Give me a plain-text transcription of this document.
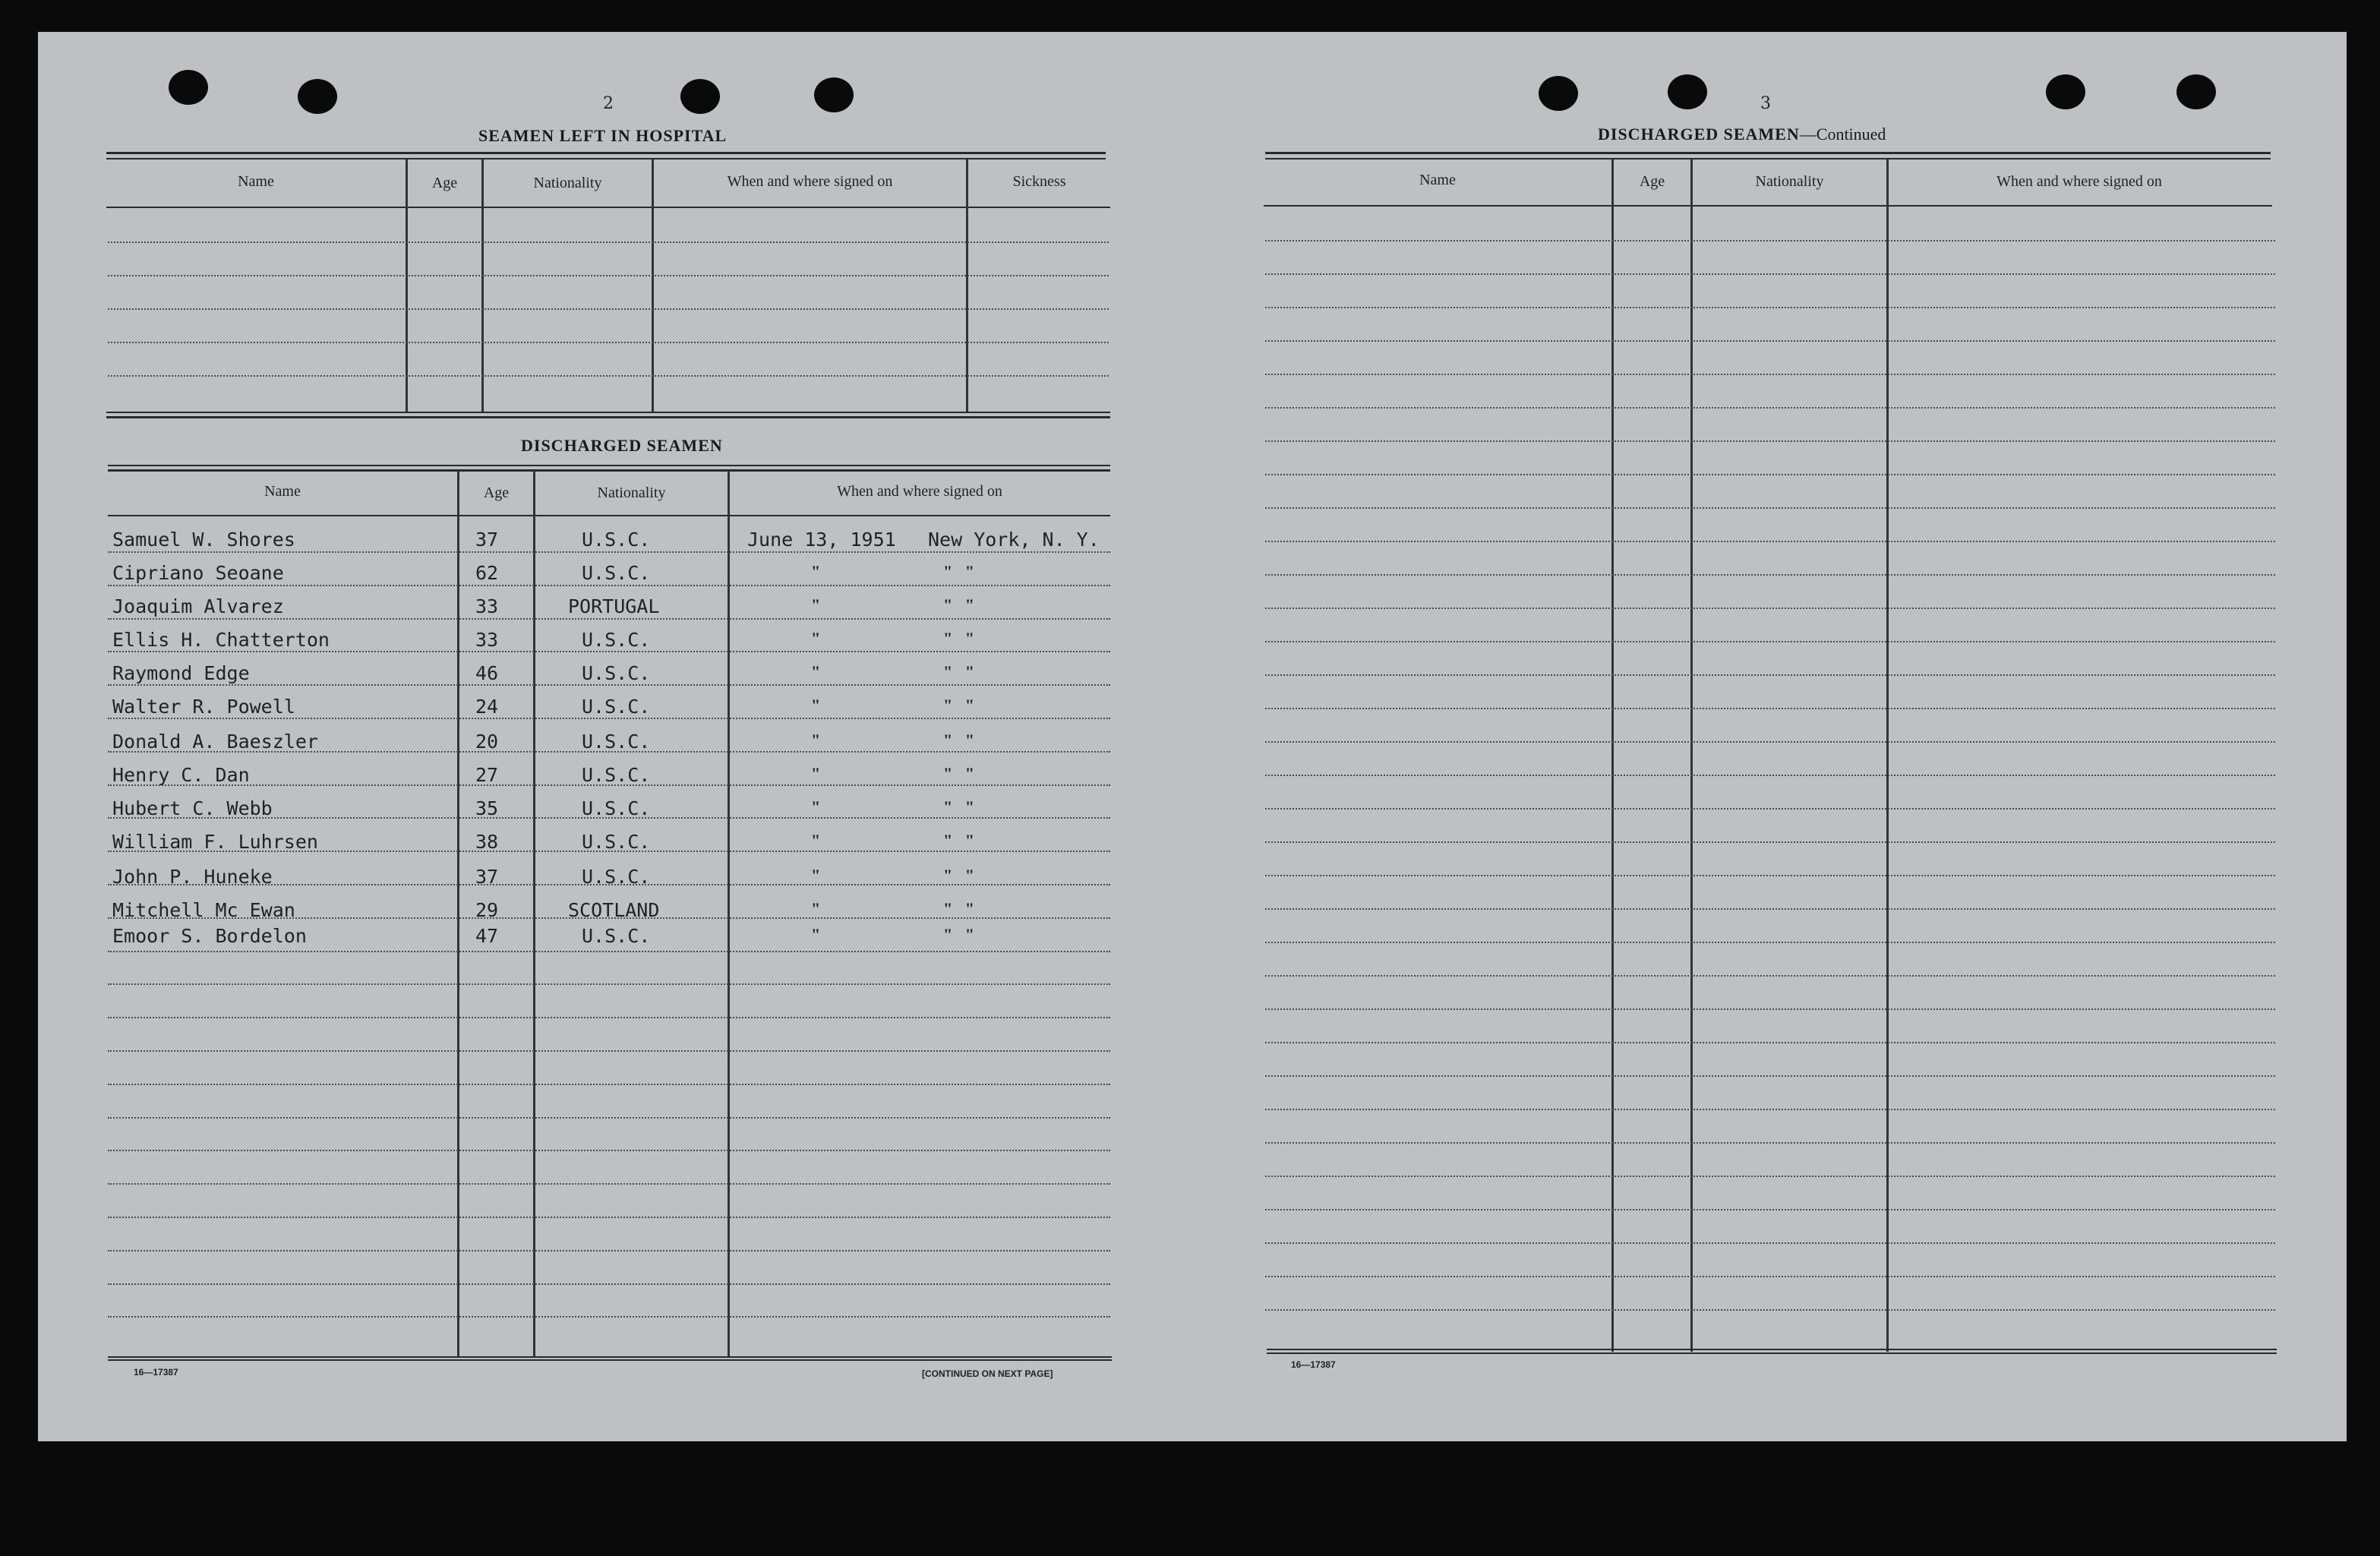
2
SEAMEN LEFT IN HOSPITAL
Name	Age	Nationality	When and where signed on	Sickness
DISCHARGED SEAMEN
Name	Age	Nationality	When and where signed on
Samuel W. Shores	37	U.S.C.	June 13, 1951 New York, N. Y.
Cipriano Seoane	62	U.S.C.	"	"   "
Joaquim Alvarez	33	PORTUGAL	"	"   "
Ellis H. Chatterton	33	U.S.C.	"	"   "
Raymond Edge	46	U.S.C.	"	"   "
Walter R. Powell	24	U.S.C.	"	"   "
Donald A. Baeszler	20	U.S.C.	"	"   "
Henry C. Dan	27	U.S.C.	"	"   "
Hubert C. Webb	35	U.S.C.	"	"   "
William F. Luhrsen	38	U.S.C.	"	"   "
John P. Huneke	37	U.S.C.	"	"   "
Mitchell Mc Ewan	29	SCOTLAND	"	"   "
Emoor S. Bordelon	47	U.S.C.	"	"   "
16—17387	[CONTINUED ON NEXT PAGE]
3
DISCHARGED SEAMEN—Continued
Name	Age	Nationality	When and where signed on
16—17387
